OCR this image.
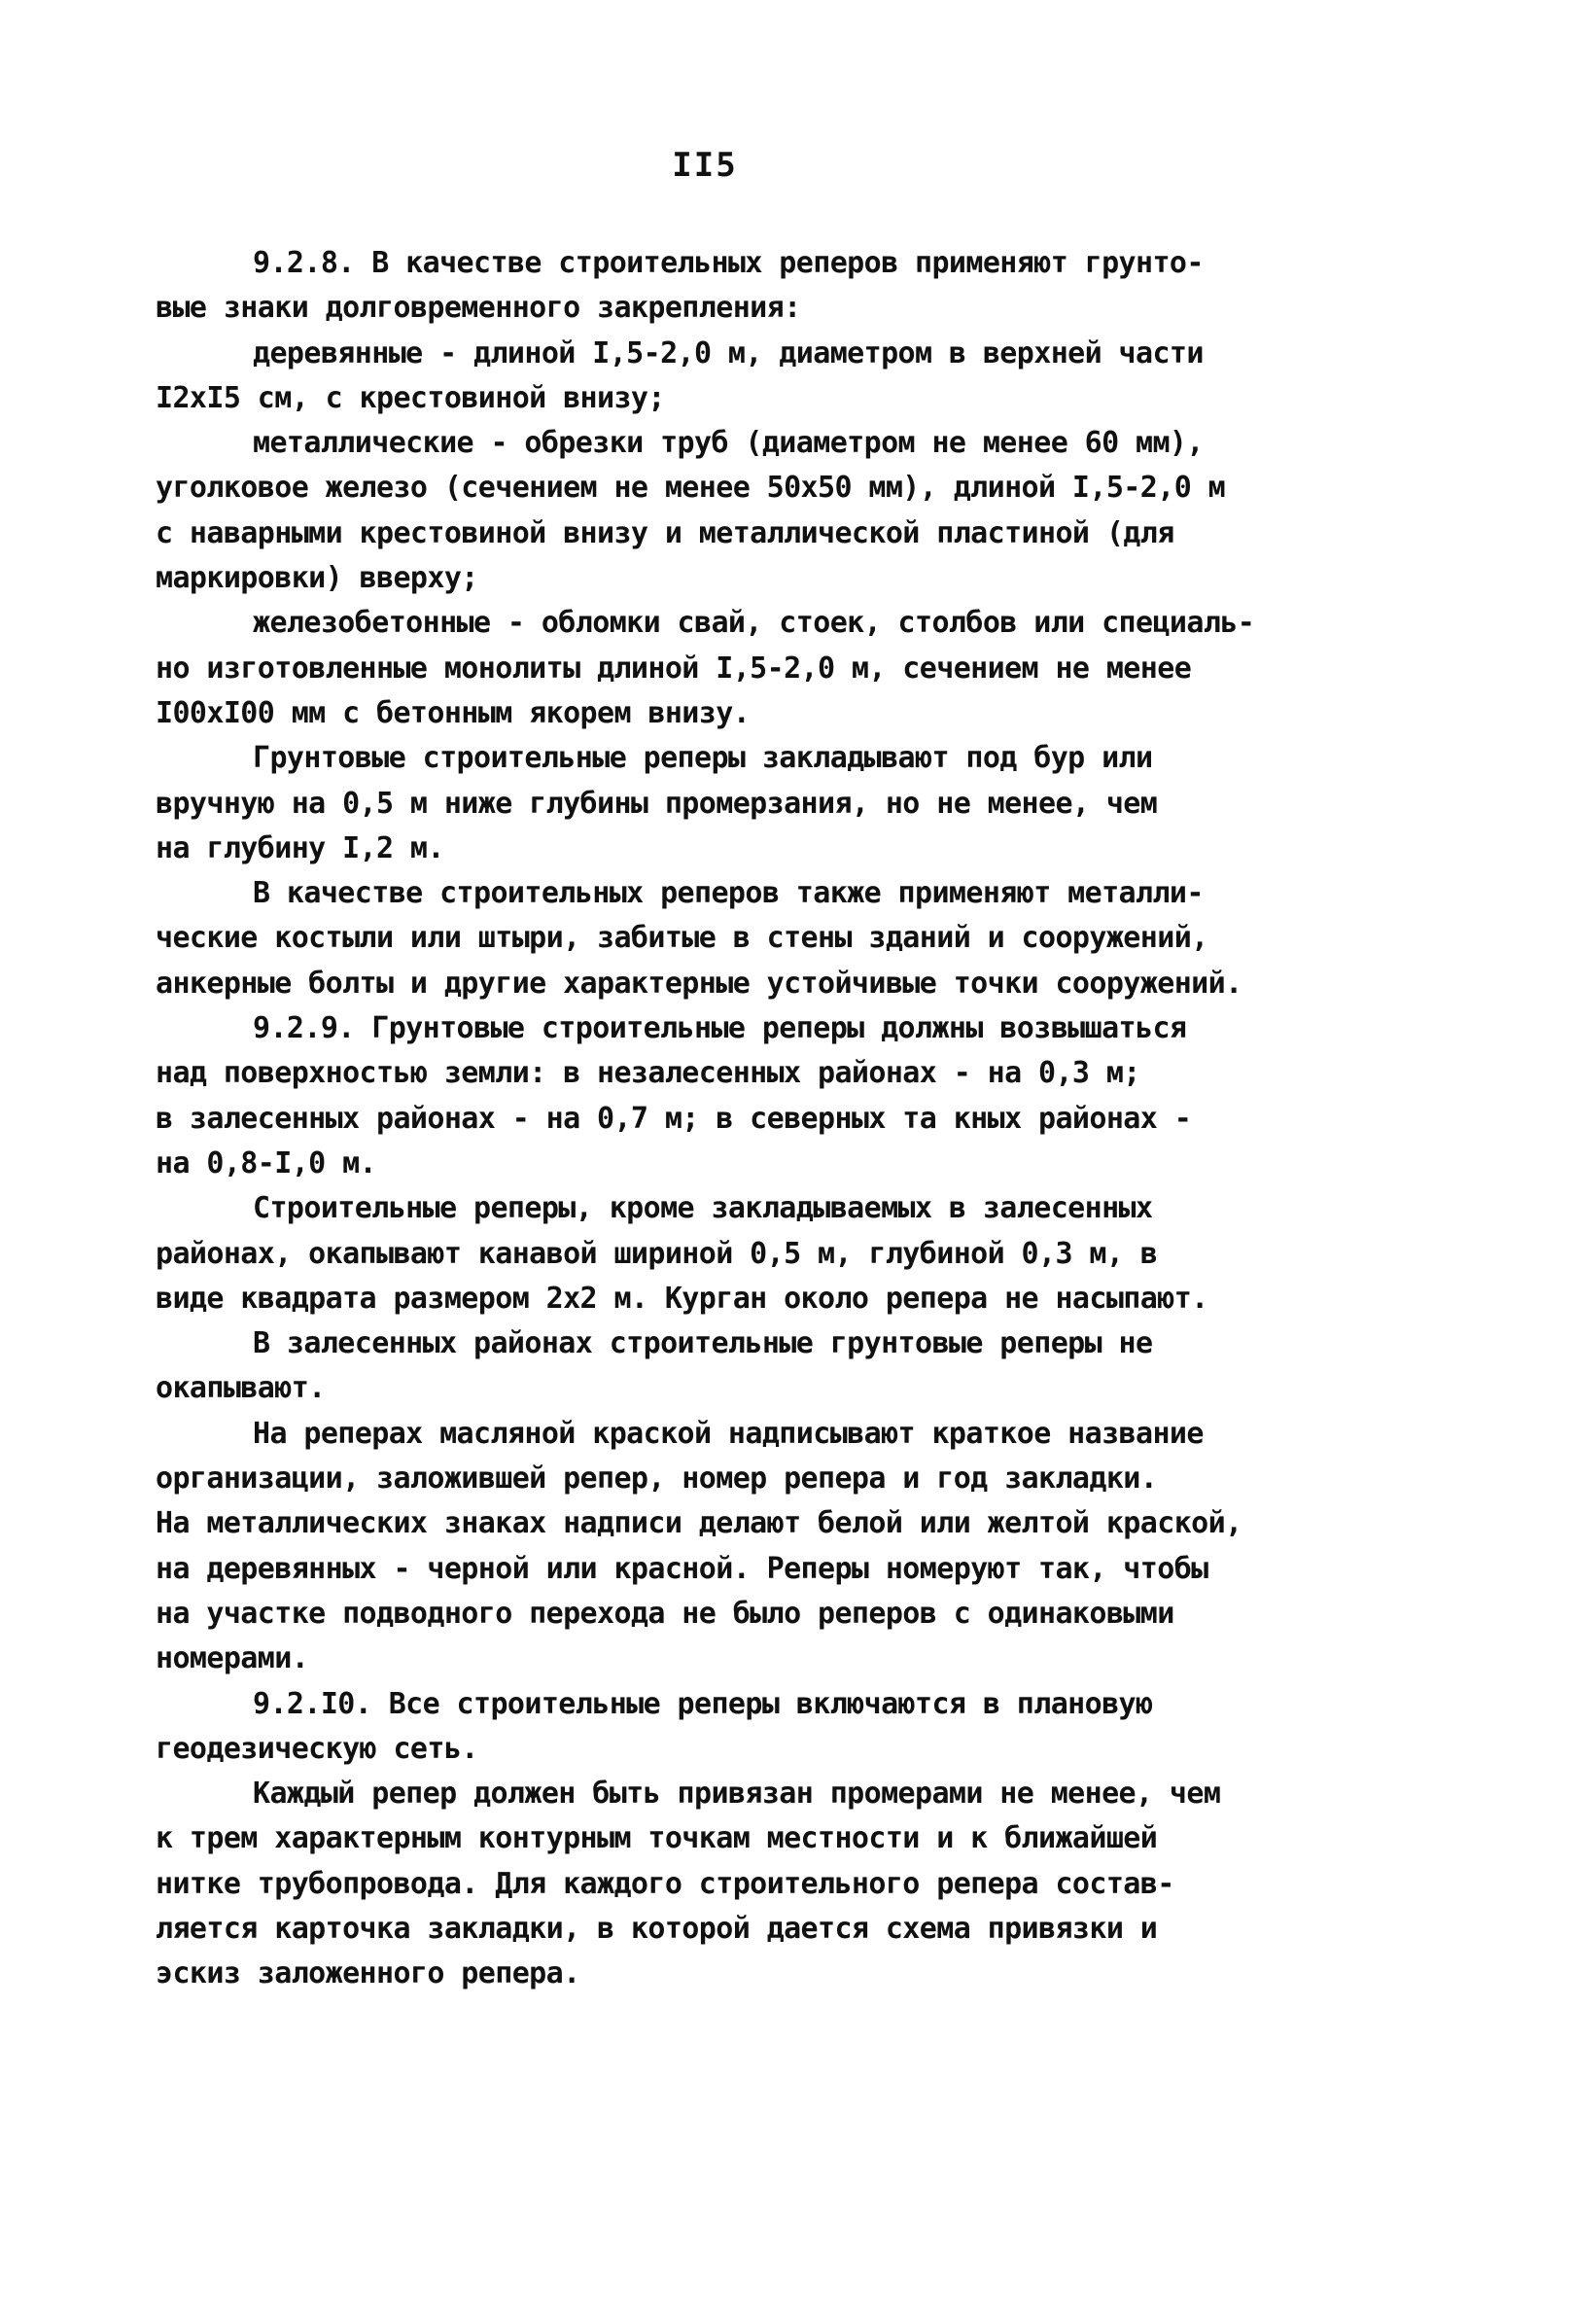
II5
9.2.8. В качестве строительных реперов применяют грунто-
вые знаки долговременного закрепления:
деревянные - длиной I,5-2,0 м, диаметром в верхней части
I2xI5 см, с крестовиной внизу;
металлические - обрезки труб (диаметром не менее 60 мм),
уголковое железо (сечением не менее 50x50 мм), длиной I,5-2,0 м
с наварными крестовиной внизу и металлической пластиной (для
маркировки) вверху;
железобетонные - обломки свай, стоек, столбов или специаль-
но изготовленные монолиты длиной I,5-2,0 м, сечением не менее
I00xI00 мм с бетонным якорем внизу.
Грунтовые строительные реперы закладывают под бур или
вручную на 0,5 м ниже глубины промерзания, но не менее, чем
на глубину I,2 м.
В качестве строительных реперов также применяют металли-
ческие костыли или штыри, забитые в стены зданий и сооружений,
анкерные болты и другие характерные устойчивые точки сооружений.
9.2.9. Грунтовые строительные реперы должны возвышаться
над поверхностью земли: в незалесенных районах - на 0,3 м;
в залесенных районах - на 0,7 м; в северных та кных районах -
на 0,8-I,0 м.
Строительные реперы, кроме закладываемых в залесенных
районах, окапывают канавой шириной 0,5 м, глубиной 0,3 м, в
виде квадрата размером 2x2 м. Курган около репера не насыпают.
В залесенных районах строительные грунтовые реперы не
окапывают.
На реперах масляной краской надписывают краткое название
организации, заложившей репер, номер репера и год закладки.
На металлических знаках надписи делают белой или желтой краской,
на деревянных - черной или красной. Реперы номеруют так, чтобы
на участке подводного перехода не было реперов с одинаковыми
номерами.
9.2.I0. Все строительные реперы включаются в плановую
геодезическую сеть.
Каждый репер должен быть привязан промерами не менее, чем
к трем характерным контурным точкам местности и к ближайшей
нитке трубопровода. Для каждого строительного репера состав-
ляется карточка закладки, в которой дается схема привязки и
эскиз заложенного репера.
